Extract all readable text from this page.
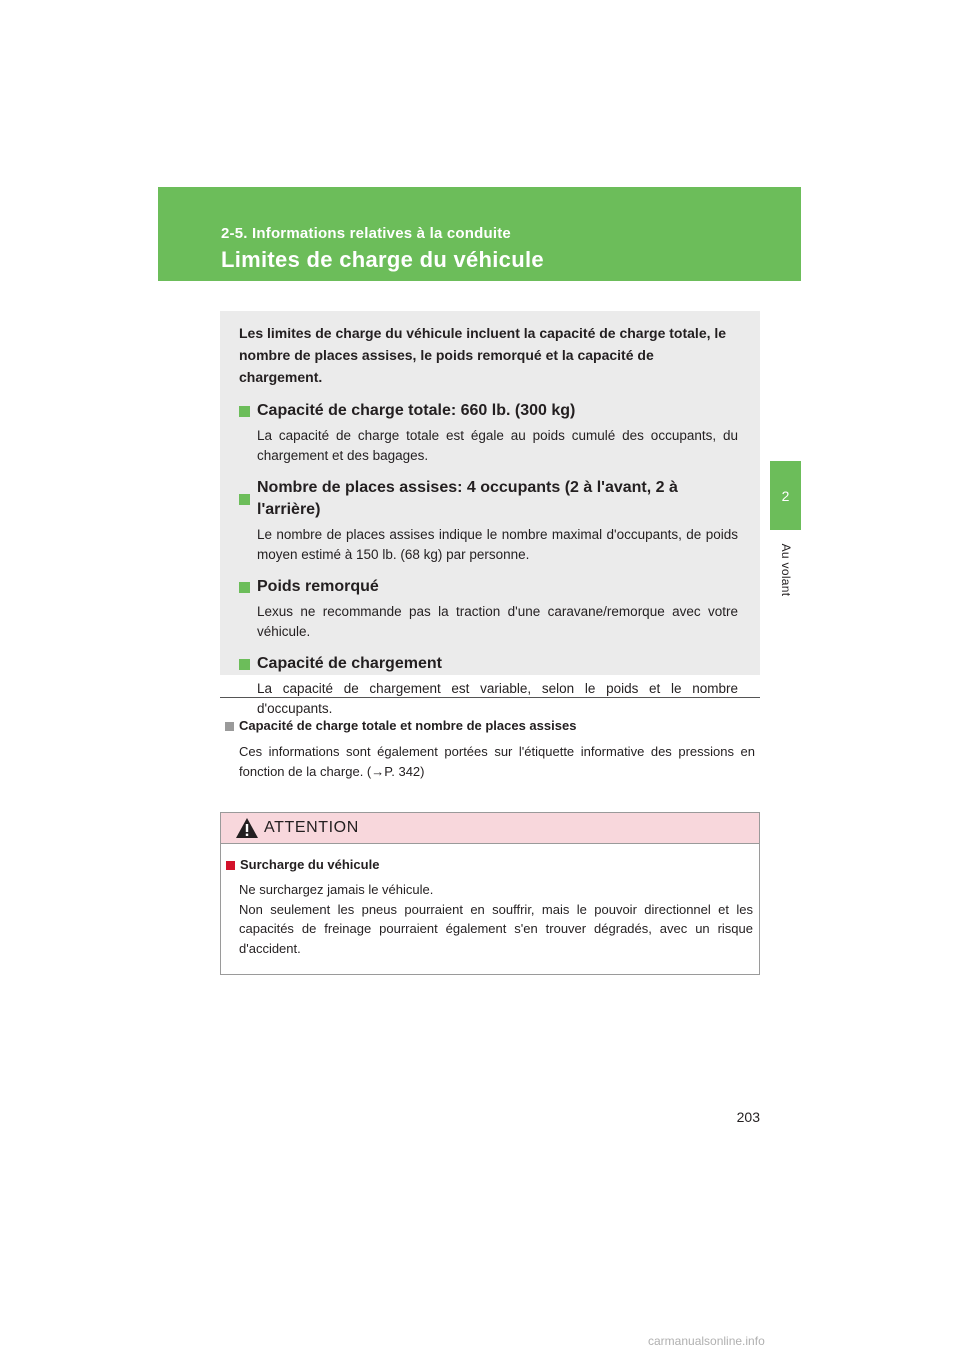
2-5. Informations relatives à la conduite
Limites de charge du véhicule
2
Au volant

Les limites de charge du véhicule incluent la capacité de charge totale, le nombre de places assises, le poids remorqué et la capacité de chargement.

Capacité de charge totale: 660 lb. (300 kg)

La capacité de charge totale est égale au poids cumulé des occupants, du chargement et des bagages.

Nombre de places assises: 4 occupants (2 à l'avant, 2 à l'arrière)

Le nombre de places assises indique le nombre maximal d'occupants, de poids moyen estimé à 150 lb. (68 kg) par personne.

Poids remorqué

Lexus ne recommande pas la traction d'une caravane/remorque avec votre véhicule.

Capacité de chargement

La capacité de chargement est variable, selon le poids et le nombre d'occupants.

Capacité de charge totale et nombre de places assises

Ces informations sont également portées sur l'étiquette informative des pressions en fonction de la charge. (→P. 342)

ATTENTION
Surcharge du véhicule

Ne surchargez jamais le véhicule.
Non seulement les pneus pourraient en souffrir, mais le pouvoir directionnel et les capacités de freinage pourraient également s'en trouver dégradés, avec un risque d'accident.

203
carmanualsonline.info
